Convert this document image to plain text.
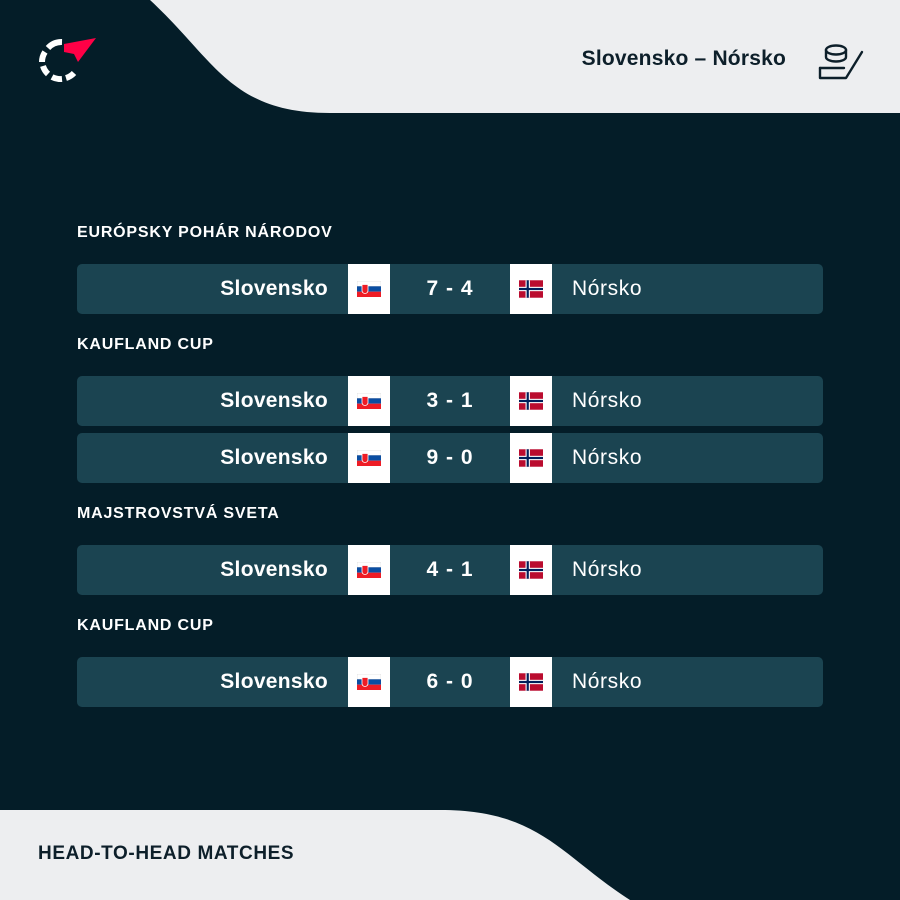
Slovensko – Nórsko
EURÓPSKY POHÁR NÁRODOV
Slovensko	7 - 4	Nórsko
KAUFLAND CUP
Slovensko	3 - 1	Nórsko
Slovensko	9 - 0	Nórsko
MAJSTROVSTVÁ SVETA
Slovensko	4 - 1	Nórsko
KAUFLAND CUP
Slovensko	6 - 0	Nórsko
HEAD-TO-HEAD MATCHES
